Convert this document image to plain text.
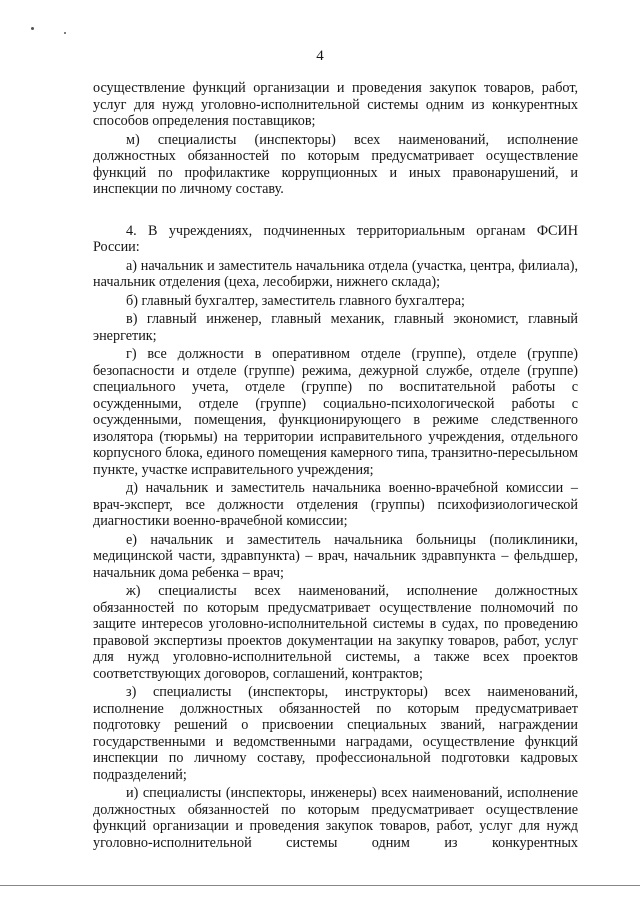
4

осуществление функций организации и проведения закупок товаров, работ, услуг для нужд уголовно-исполнительной системы одним из конкурентных способов определения поставщиков;

м) специалисты (инспекторы) всех наименований, исполнение должностных обязанностей по которым предусматривает осуществление функций по профилактике коррупционных и иных правонарушений, и инспекции по личному составу.

4. В учреждениях, подчиненных территориальным органам ФСИН России:

а) начальник и заместитель начальника отдела (участка, центра, филиала), начальник отделения (цеха, лесобиржи, нижнего склада);

б) главный бухгалтер, заместитель главного бухгалтера;

в) главный инженер, главный механик, главный экономист, главный энергетик;

г) все должности в оперативном отделе (группе), отделе (группе) безопасности и отделе (группе) режима, дежурной службе, отделе (группе) специального учета, отделе (группе) по воспитательной работы с осужденными, отделе (группе) социально-психологической работы с осужденными, помещения, функционирующего в режиме следственного изолятора (тюрьмы) на территории исправительного учреждения, отдельного корпусного блока, единого помещения камерного типа, транзитно-пересыльном пункте, участке исправительного учреждения;

д) начальник и заместитель начальника военно-врачебной комиссии – врач-эксперт, все должности отделения (группы) психофизиологической диагностики военно-врачебной комиссии;

е) начальник и заместитель начальника больницы (поликлиники, медицинской части, здравпункта) – врач, начальник здравпункта – фельдшер, начальник дома ребенка – врач;

ж) специалисты всех наименований, исполнение должностных обязанностей по которым предусматривает осуществление полномочий по защите интересов уголовно-исполнительной системы в судах, по проведению правовой экспертизы проектов документации на закупку товаров, работ, услуг для нужд уголовно-исполнительной системы, а также всех проектов соответствующих договоров, соглашений, контрактов;

з) специалисты (инспекторы, инструкторы) всех наименований, исполнение должностных обязанностей по которым предусматривает подготовку решений о присвоении специальных званий, награждении государственными и ведомственными наградами, осуществление функций инспекции по личному составу, профессиональной подготовки кадровых подразделений;

и) специалисты (инспекторы, инженеры) всех наименований, исполнение должностных обязанностей по которым предусматривает осуществление функций организации и проведения закупок товаров, работ, услуг для нужд уголовно-исполнительной системы одним из конкурентных
